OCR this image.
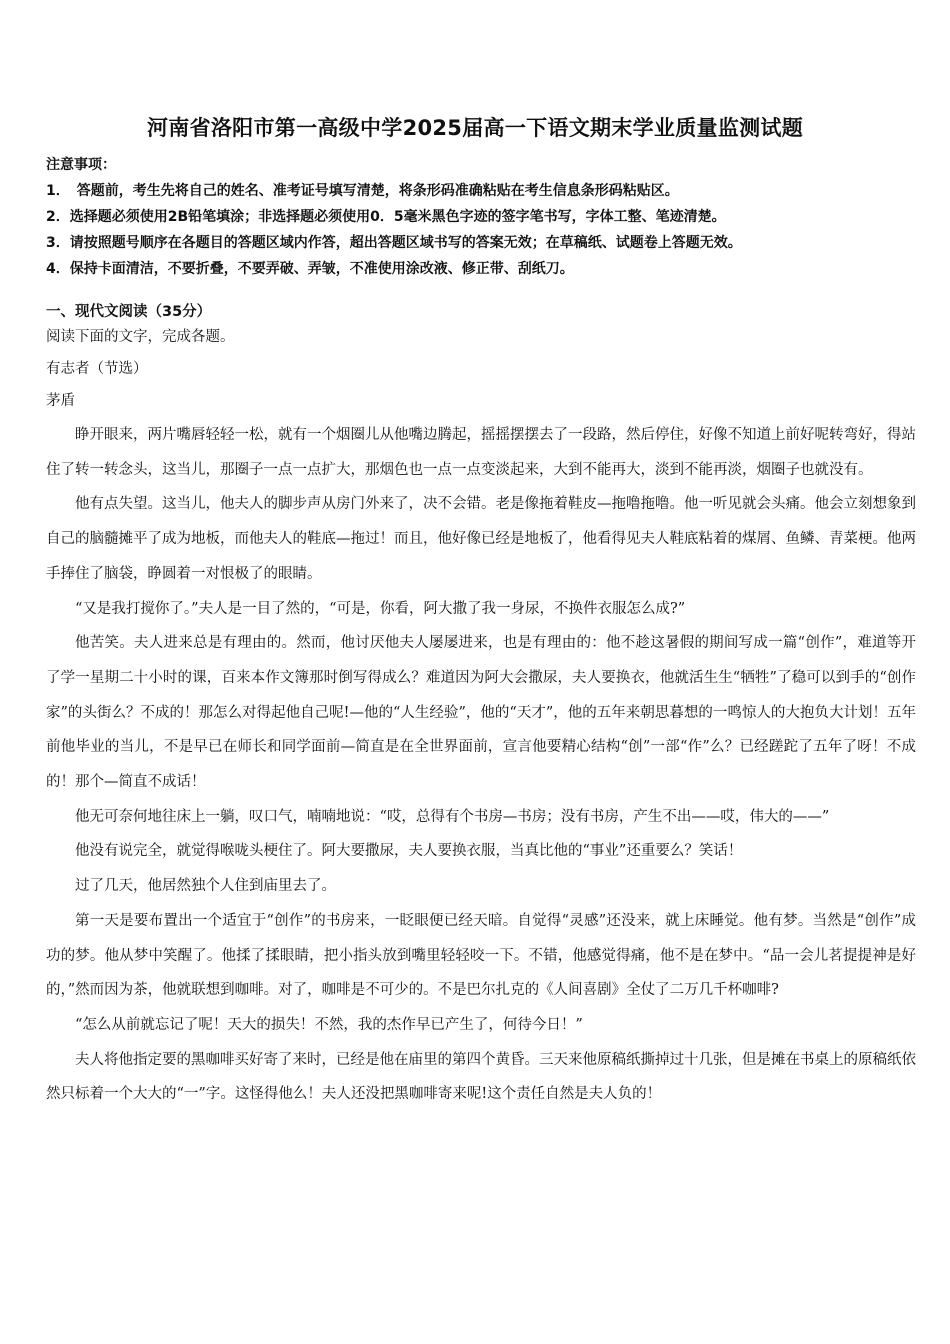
河南省洛阳市第一高级中学2025届高一下语文期末学业质量监测试题
注意事项：
1．　答题前，考生先将自己的姓名、准考证号填写清楚，将条形码准确粘贴在考生信息条形码粘贴区。
2．选择题必须使用2B铅笔填涂；非选择题必须使用0．5毫米黑色字迹的签字笔书写，字体工整、笔迹清楚。
3．请按照题号顺序在各题目的答题区域内作答，超出答题区域书写的答案无效；在草稿纸、试题卷上答题无效。
4．保持卡面清洁，不要折叠，不要弄破、弄皱，不准使用涂改液、修正带、刮纸刀。
一、现代文阅读（35分）
阅读下面的文字，完成各题。
有志者（节选）
茅盾

睁开眼来，两片嘴唇轻轻一松，就有一个烟圈儿从他嘴边腾起，摇摇摆摆去了一段路，然后停住，好像不知道上前好呢转弯好，得站住了转一转念头，这当儿，那圈子一点一点扩大，那烟色也一点一点变淡起来，大到不能再大，淡到不能再淡，烟圈子也就没有。

他有点失望。这当儿，他夫人的脚步声从房门外来了，决不会错。老是像拖着鞋皮—拖噜拖噜。他一听见就会头痛。他会立刻想象到自己的脑髓摊平了成为地板，而他夫人的鞋底—拖过！而且，他好像已经是地板了，他看得见夫人鞋底粘着的煤屑、鱼鳞、青菜梗。他两手捧住了脑袋，睁圆着一对恨极了的眼睛。

“又是我打搅你了。”夫人是一目了然的，“可是，你看，阿大撒了我一身尿，不换件衣服怎么成?”

他苦笑。夫人进来总是有理由的。然而，他讨厌他夫人屡屡进来，也是有理由的：他不趁这暑假的期间写成一篇“创作”，难道等开了学一星期二十小时的课，百来本作文簿那时倒写得成么？难道因为阿大会撒尿，夫人要换衣，他就活生生“牺牲”了稳可以到手的“创作家”的头街么？不成的！那怎么对得起他自己呢!—他的“人生经验”，他的“天才”，他的五年来朝思暮想的一鸣惊人的大抱负大计划！五年前他毕业的当儿，不是早已在师长和同学面前—简直是在全世界面前，宣言他要精心结构“创”一部“作”么？已经蹉跎了五年了呀！不成的！那个—简直不成话！

他无可奈何地往床上一躺，叹口气，喃喃地说：“哎，总得有个书房—书房；没有书房，产生不出——哎，伟大的——”

他没有说完全，就觉得喉咙头梗住了。阿大要撒尿，夫人要换衣服，当真比他的“事业”还重要么？笑话！

过了几天，他居然独个人住到庙里去了。

第一天是要布置出一个适宜于“创作”的书房来，一眨眼便已经天暗。自觉得“灵感”还没来，就上床睡觉。他有梦。当然是“创作”成功的梦。他从梦中笑醒了。他揉了揉眼睛，把小指头放到嘴里轻轻咬一下。不错，他感觉得痛，他不是在梦中。“品一会儿茗提提神是好的，”然而因为茶，他就联想到咖啡。对了，咖啡是不可少的。不是巴尔扎克的《人间喜剧》全仗了二万几千杯咖啡?

“怎么从前就忘记了呢！天大的损失！不然，我的杰作早已产生了，何待今日！”

夫人将他指定要的黑咖啡买好寄了来时，已经是他在庙里的第四个黄昏。三天来他原稿纸撕掉过十几张，但是摊在书桌上的原稿纸依然只标着一个大大的“一”字。这怪得他么！夫人还没把黑咖啡寄来呢!这个责任自然是夫人负的！
